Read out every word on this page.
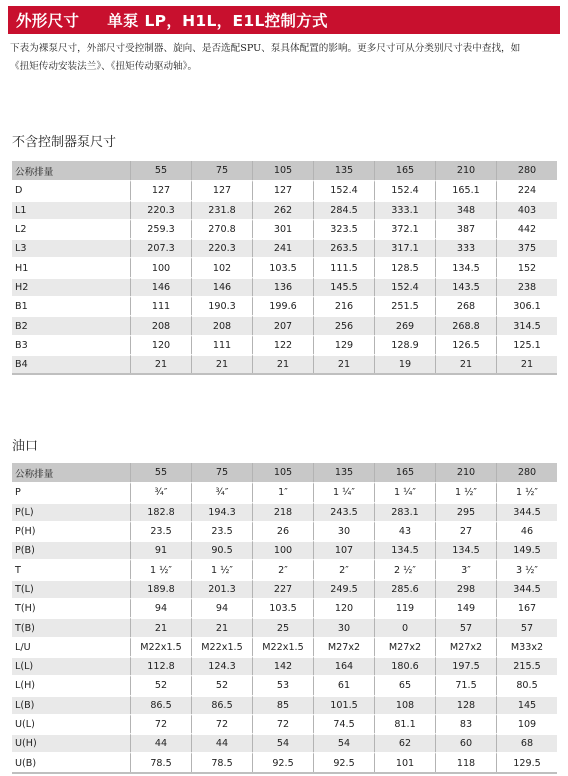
外形尺寸 单泵 LP，H1L，E1L控制方式
下表为裸泵尺寸，外部尺寸受控制器、旋向、是否选配SPU、泵具体配置的影响。更多尺寸可从分类别尺寸表中查找，如
《扭矩传动安装法兰》、《扭矩传动驱动轴》。
不含控制器泵尺寸
公称排量	55	75	105	135	165	210	280
D	127	127	127	152.4	152.4	165.1	224
L1	220.3	231.8	262	284.5	333.1	348	403
L2	259.3	270.8	301	323.5	372.1	387	442
L3	207.3	220.3	241	263.5	317.1	333	375
H1	100	102	103.5	111.5	128.5	134.5	152
H2	146	146	136	145.5	152.4	143.5	238
B1	111	190.3	199.6	216	251.5	268	306.1
B2	208	208	207	256	269	268.8	314.5
B3	120	111	122	129	128.9	126.5	125.1
B4	21	21	21	21	19	21	21
油口
公称排量	55	75	105	135	165	210	280
P	¾″	¾″	1″	1 ¼″	1 ¼″	1 ½″	1 ½″
P(L)	182.8	194.3	218	243.5	283.1	295	344.5
P(H)	23.5	23.5	26	30	43	27	46
P(B)	91	90.5	100	107	134.5	134.5	149.5
T	1 ½″	1 ½″	2″	2″	2 ½″	3″	3 ½″
T(L)	189.8	201.3	227	249.5	285.6	298	344.5
T(H)	94	94	103.5	120	119	149	167
T(B)	21	21	25	30	0	57	57
L/U	M22x1.5	M22x1.5	M22x1.5	M27x2	M27x2	M27x2	M33x2
L(L)	112.8	124.3	142	164	180.6	197.5	215.5
L(H)	52	52	53	61	65	71.5	80.5
L(B)	86.5	86.5	85	101.5	108	128	145
U(L)	72	72	72	74.5	81.1	83	109
U(H)	44	44	54	54	62	60	68
U(B)	78.5	78.5	92.5	92.5	101	118	129.5
